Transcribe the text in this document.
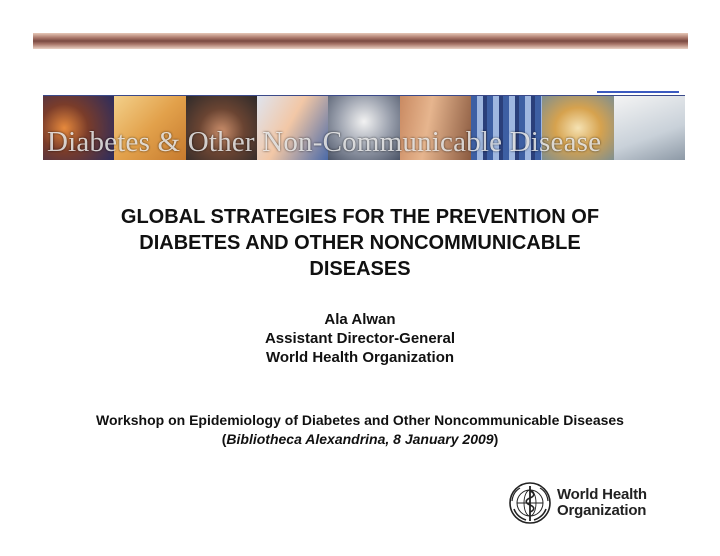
Diabetes & Other Non-Communicable Disease
GLOBAL STRATEGIES FOR THE PREVENTION OF
DIABETES AND OTHER NONCOMMUNICABLE
DISEASES
Ala Alwan
Assistant Director-General
World Health Organization
Workshop on Epidemiology of Diabetes and Other Noncommunicable Diseases
(Bibliotheca Alexandrina, 8 January 2009)
World Health
Organization
